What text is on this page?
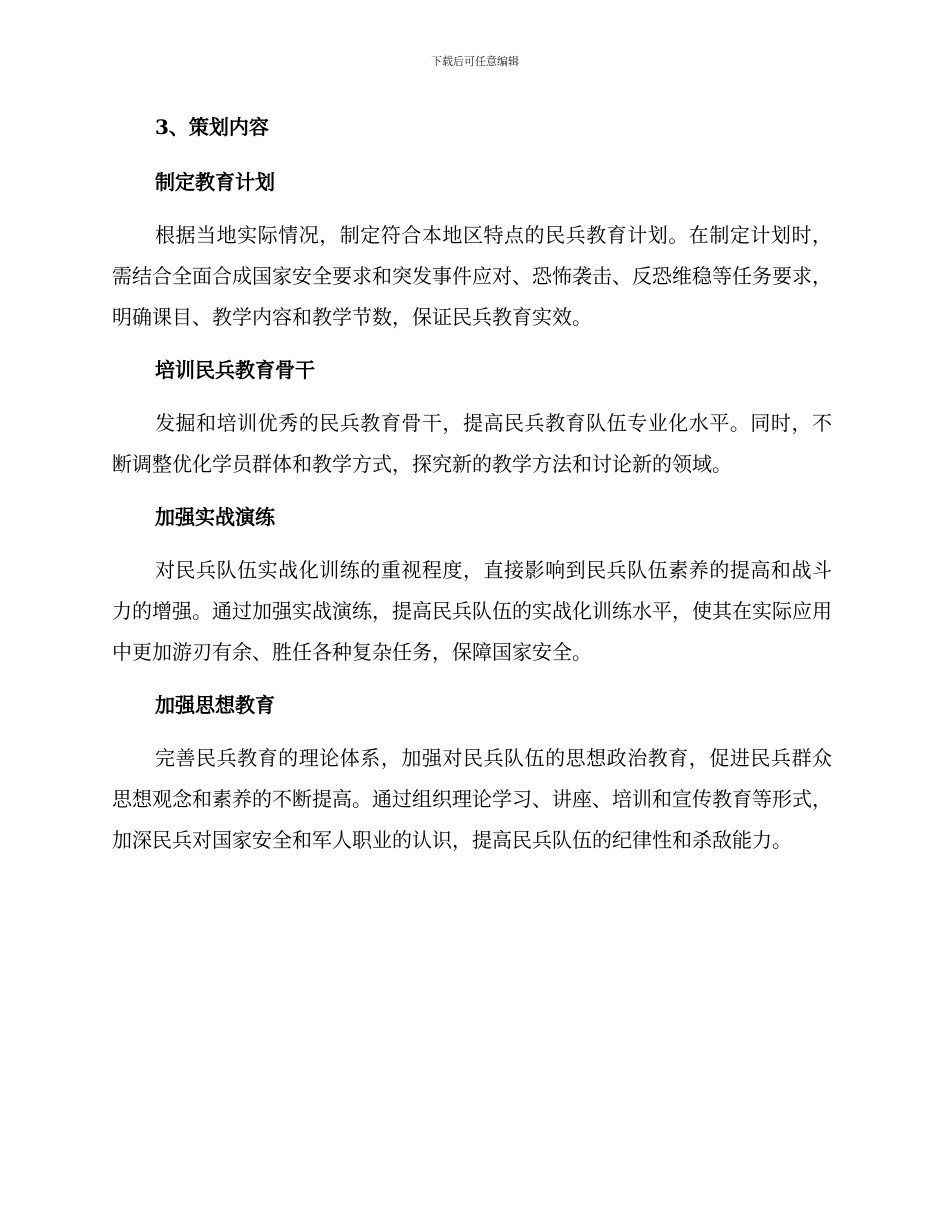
下载后可任意编辑
3、策划内容
制定教育计划

根据当地实际情况，制定符合本地区特点的民兵教育计划。在制定计划时，需结合全面合成国家安全要求和突发事件应对、恐怖袭击、反恐维稳等任务要求，明确课目、教学内容和教学节数，保证民兵教育实效。

培训民兵教育骨干

发掘和培训优秀的民兵教育骨干，提高民兵教育队伍专业化水平。同时，不断调整优化学员群体和教学方式，探究新的教学方法和讨论新的领域。

加强实战演练

对民兵队伍实战化训练的重视程度，直接影响到民兵队伍素养的提高和战斗力的增强。通过加强实战演练，提高民兵队伍的实战化训练水平，使其在实际应用中更加游刃有余、胜任各种复杂任务，保障国家安全。

加强思想教育

完善民兵教育的理论体系，加强对民兵队伍的思想政治教育，促进民兵群众思想观念和素养的不断提高。通过组织理论学习、讲座、培训和宣传教育等形式，加深民兵对国家安全和军人职业的认识，提高民兵队伍的纪律性和杀敌能力。
